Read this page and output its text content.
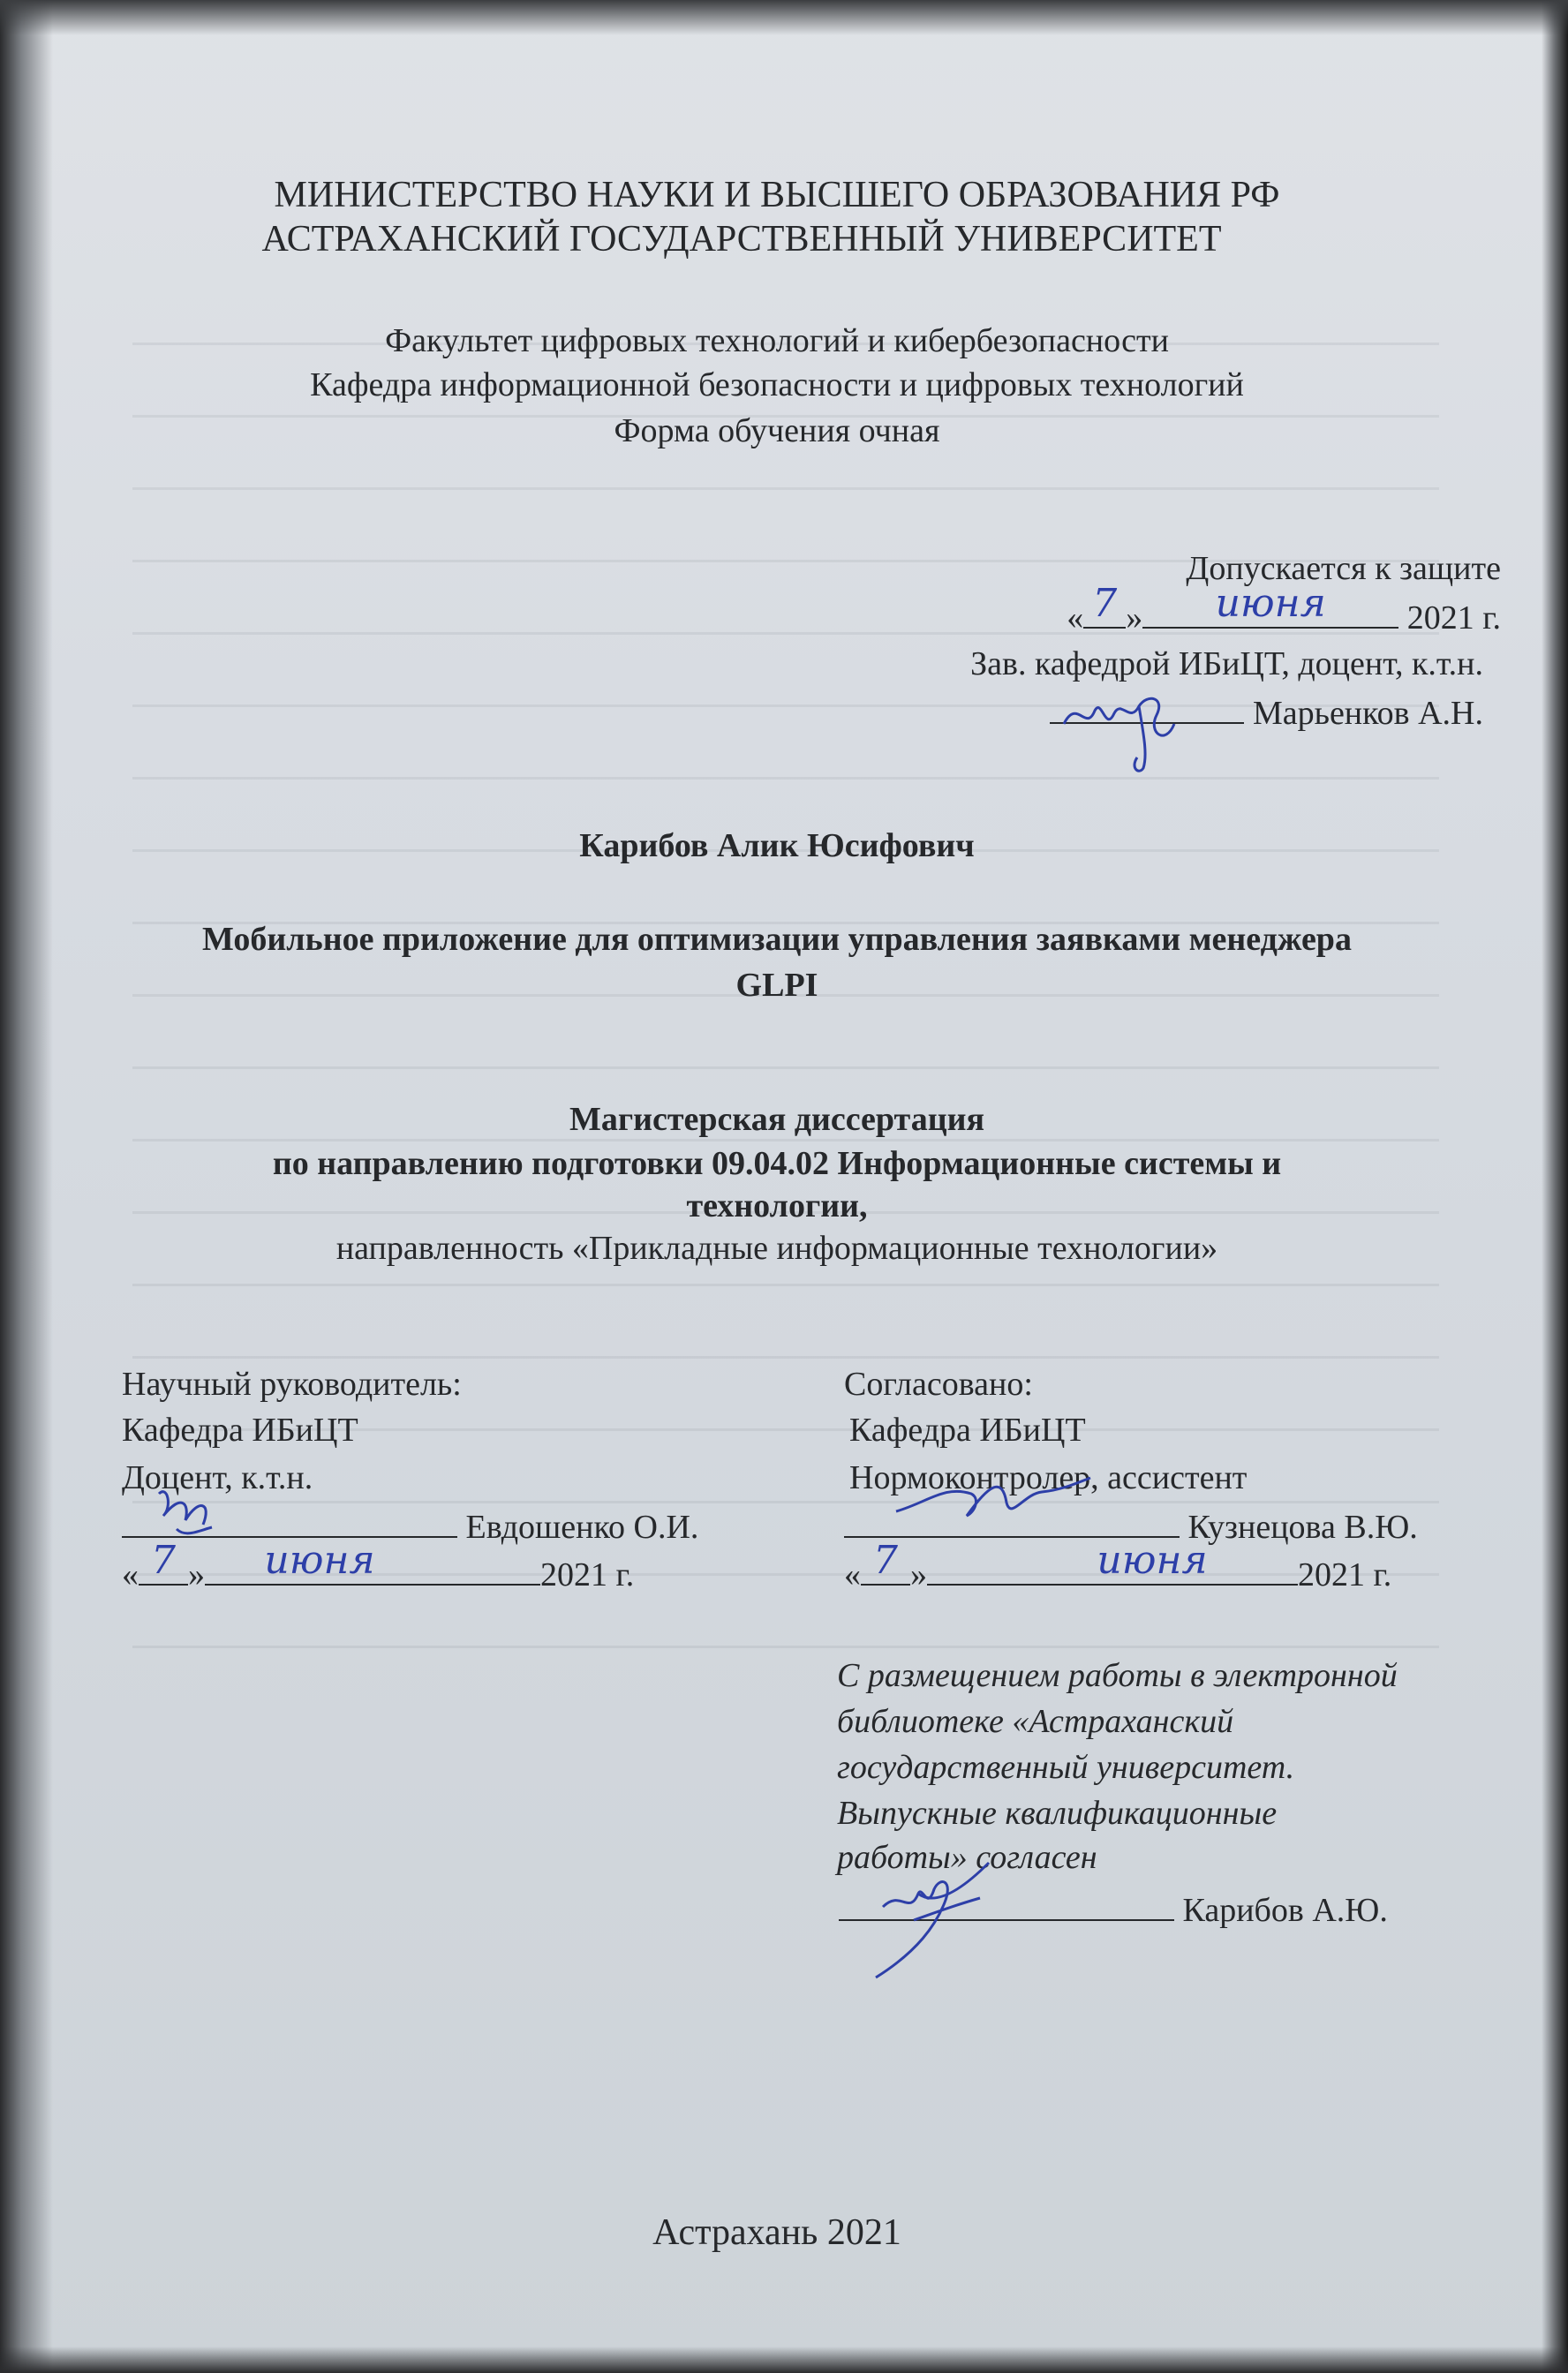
МИНИСТЕРСТВО НАУКИ И ВЫСШЕГО ОБРАЗОВАНИЯ РФ
АСТРАХАНСКИЙ ГОСУДАРСТВЕННЫЙ УНИВЕРСИТЕТ
Факультет цифровых технологий и кибербезопасности
Кафедра информационной безопасности и цифровых технологий
Форма обучения очная
Допускается к защите
« 7 »	июня	2021 г.
Зав. кафедрой ИБиЦТ, доцент, к.т.н.
Марьенков А.Н.
Карибов Алик Юсифович
Мобильное приложение для оптимизации управления заявками менеджера
GLPI
Магистерская диссертация
по направлению подготовки 09.04.02 Информационные системы и
технологии,
направленность «Прикладные информационные технологии»
Научный руководитель:
Кафедра ИБиЦТ
Доцент, к.т.н.
Евдошенко О.И.
« 7 »	июня	2021 г.
Согласовано:
Кафедра ИБиЦТ
Нормоконтролер, ассистент
Кузнецова В.Ю.
« 7 »	июня	2021 г.
С размещением работы в электронной
библиотеке «Астраханский
государственный университет.
Выпускные квалификационные
работы» согласен
Карибов А.Ю.
Астрахань 2021
